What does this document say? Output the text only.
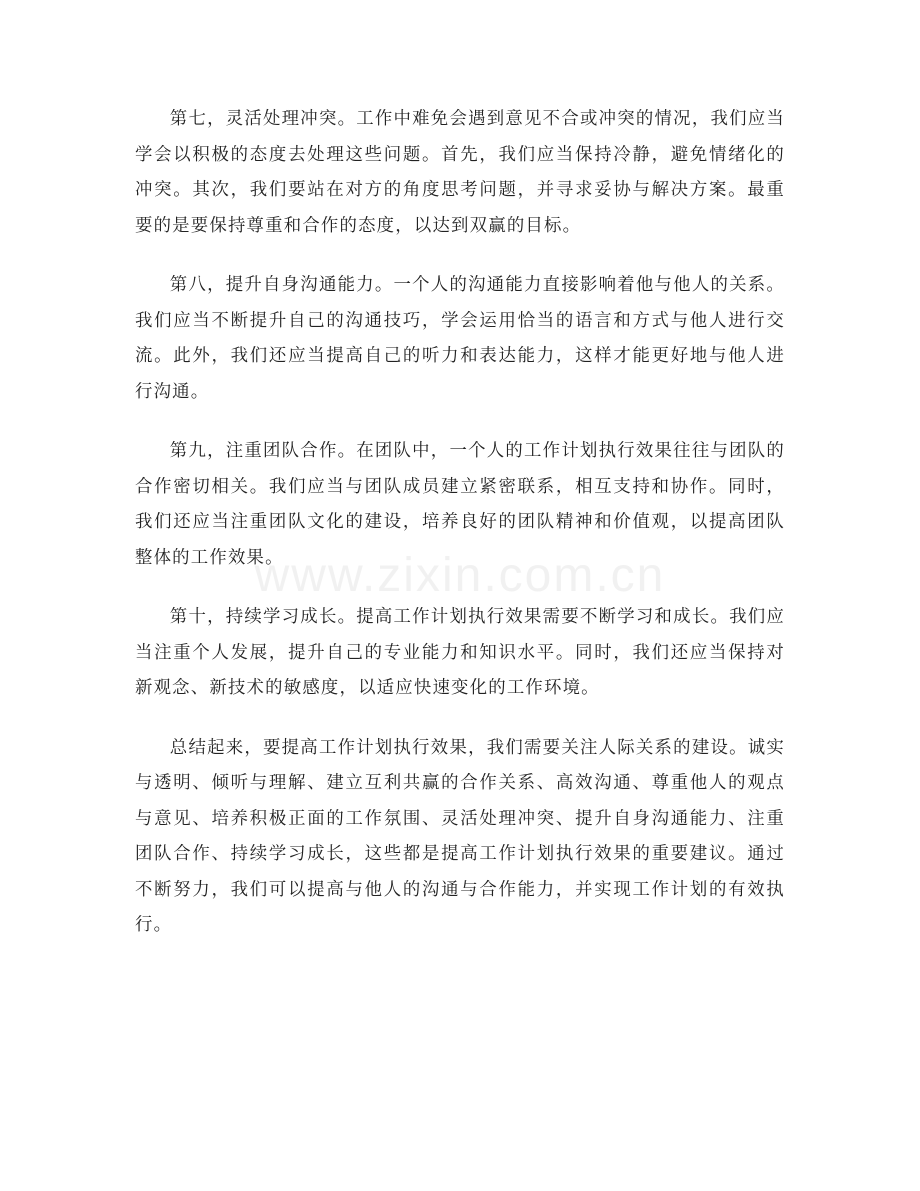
第七，灵活处理冲突。工作中难免会遇到意见不合或冲突的情况，我们应当学会以积极的态度去处理这些问题。首先，我们应当保持冷静，避免情绪化的冲突。其次，我们要站在对方的角度思考问题，并寻求妥协与解决方案。最重要的是要保持尊重和合作的态度，以达到双赢的目标。

第八，提升自身沟通能力。一个人的沟通能力直接影响着他与他人的关系。我们应当不断提升自己的沟通技巧，学会运用恰当的语言和方式与他人进行交流。此外，我们还应当提高自己的听力和表达能力，这样才能更好地与他人进行沟通。

第九，注重团队合作。在团队中，一个人的工作计划执行效果往往与团队的合作密切相关。我们应当与团队成员建立紧密联系，相互支持和协作。同时，我们还应当注重团队文化的建设，培养良好的团队精神和价值观，以提高团队整体的工作效果。

第十，持续学习成长。提高工作计划执行效果需要不断学习和成长。我们应当注重个人发展，提升自己的专业能力和知识水平。同时，我们还应当保持对新观念、新技术的敏感度，以适应快速变化的工作环境。

总结起来，要提高工作计划执行效果，我们需要关注人际关系的建设。诚实与透明、倾听与理解、建立互利共赢的合作关系、高效沟通、尊重他人的观点与意见、培养积极正面的工作氛围、灵活处理冲突、提升自身沟通能力、注重团队合作、持续学习成长，这些都是提高工作计划执行效果的重要建议。通过不断努力，我们可以提高与他人的沟通与合作能力，并实现工作计划的有效执行。

www.zixin.com.cn
